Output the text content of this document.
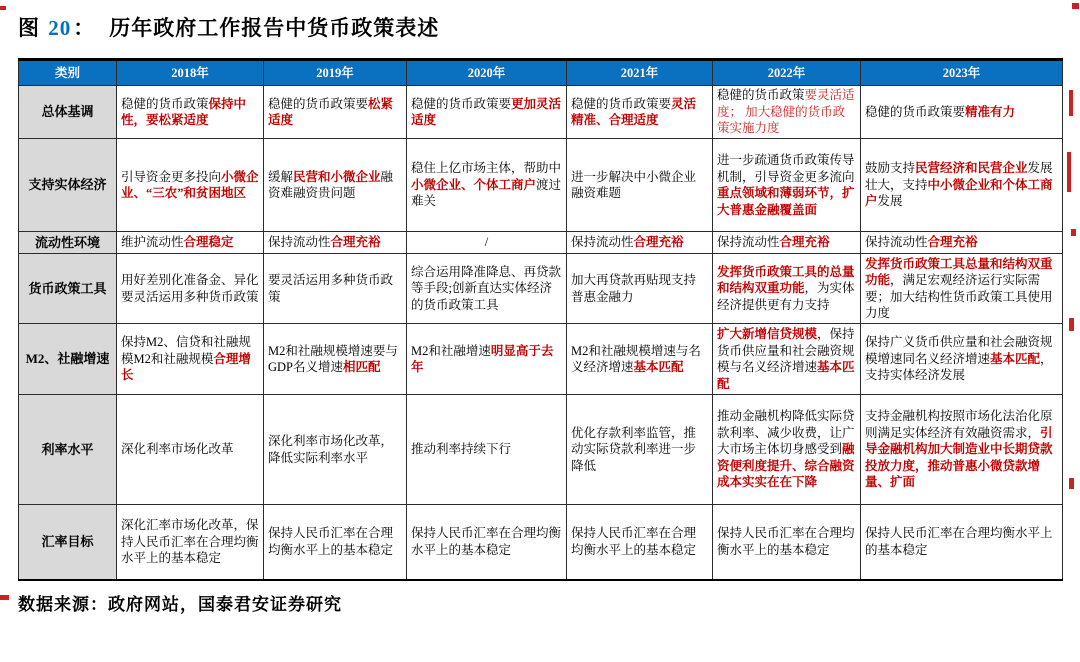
图 20： 历年政府工作报告中货币政策表述
类别	2018年	2019年	2020年	2021年	2022年	2023年
总体基调	稳健的货币政策保持中性，要松紧适度	稳健的货币政策要松紧适度	稳健的货币政策要更加灵活适度	稳健的货币政策要灵活精准、合理适度	稳健的货币政策要灵活适度； 加大稳健的货币政策实施力度	稳健的货币政策要精准有力
支持实体经济	引导资金更多投向小微企业、“三农”和贫困地区	缓解民营和小微企业融资难融资贵问题	稳住上亿市场主体，帮助中小微企业、个体工商户渡过难关	进一步解决中小微企业融资难题	进一步疏通货币政策传导机制，引导资金更多流向重点领域和薄弱环节，扩大普惠金融覆盖面	鼓励支持民营经济和民营企业发展壮大，支持中小微企业和个体工商户发展
流动性环境	维护流动性合理稳定	保持流动性合理充裕	/	保持流动性合理充裕	保持流动性合理充裕	保持流动性合理充裕
货币政策工具	用好差别化准备金、异化 要灵活运用多种货币政策	要灵活运用多种货币政策	综合运用降准降息、再贷款等手段;创新直达实体经济的货币政策工具	加大再贷款再贴现支持普惠金融力	发挥货币政策工具的总量和结构双重功能，为实体经济提供更有力支持	发挥货币政策工具总量和结构双重功能，满足宏观经济运行实际需要；加大结构性货币政策工具使用力度
M2、社融增速	保持M2、信贷和社融规模M2和社融规模合理增长	M2和社融规模增速要与GDP名义增速相匹配	M2和社融增速明显高于去年	M2和社融规模增速与名义经济增速基本匹配	扩大新增信贷规模，保持货币供应量和社会融资规模与名义经济增速基本匹配	保持广义货币供应量和社会融资规模增速同名义经济增速基本匹配，支持实体经济发展
利率水平	深化利率市场化改革	深化利率市场化改革，降低实际利率水平	推动利率持续下行	优化存款利率监管，推动实际贷款利率进一步降低	推动金融机构降低实际贷款利率、减少收费，让广大市场主体切身感受到融资便利度提升、综合融资成本实实在在下降	支持金融机构按照市场化法治化原则满足实体经济有效融资需求，引导金融机构加大制造业中长期贷款投放力度，推动普惠小微贷款增量、扩面
汇率目标	深化汇率市场化改革，保持人民币汇率在合理均衡水平上的基本稳定	保持人民币汇率在合理均衡水平上的基本稳定	保持人民币汇率在合理均衡水平上的基本稳定	保持人民币汇率在合理均衡水平上的基本稳定	保持人民币汇率在合理均衡水平上的基本稳定	保持人民币汇率在合理均衡水平上的基本稳定
数据来源：政府网站，国泰君安证券研究
